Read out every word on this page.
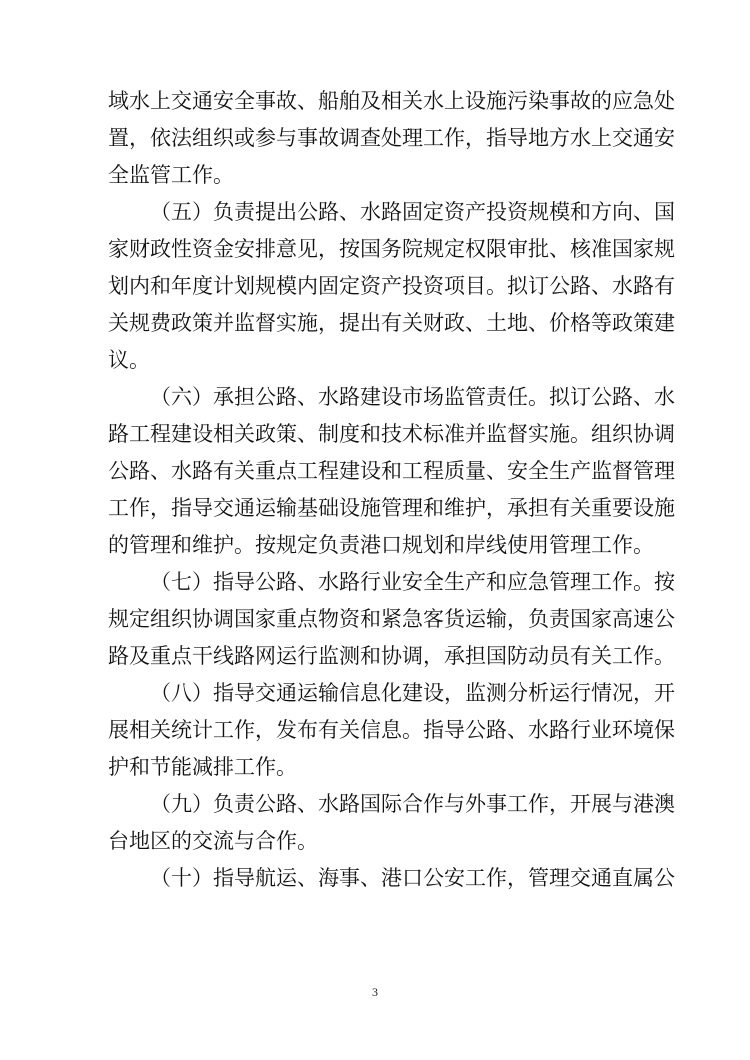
域水上交通安全事故、船舶及相关水上设施污染事故的应急处

置，依法组织或参与事故调查处理工作，指导地方水上交通安

全监管工作。

（五）负责提出公路、水路固定资产投资规模和方向、国

家财政性资金安排意见，按国务院规定权限审批、核准国家规

划内和年度计划规模内固定资产投资项目。拟订公路、水路有

关规费政策并监督实施，提出有关财政、土地、价格等政策建

议。

（六）承担公路、水路建设市场监管责任。拟订公路、水

路工程建设相关政策、制度和技术标准并监督实施。组织协调

公路、水路有关重点工程建设和工程质量、安全生产监督管理

工作，指导交通运输基础设施管理和维护，承担有关重要设施

的管理和维护。按规定负责港口规划和岸线使用管理工作。

（七）指导公路、水路行业安全生产和应急管理工作。按

规定组织协调国家重点物资和紧急客货运输，负责国家高速公

路及重点干线路网运行监测和协调，承担国防动员有关工作。

（八）指导交通运输信息化建设，监测分析运行情况，开

展相关统计工作，发布有关信息。指导公路、水路行业环境保

护和节能减排工作。

（九）负责公路、水路国际合作与外事工作，开展与港澳

台地区的交流与合作。

（十）指导航运、海事、港口公安工作，管理交通直属公

3
